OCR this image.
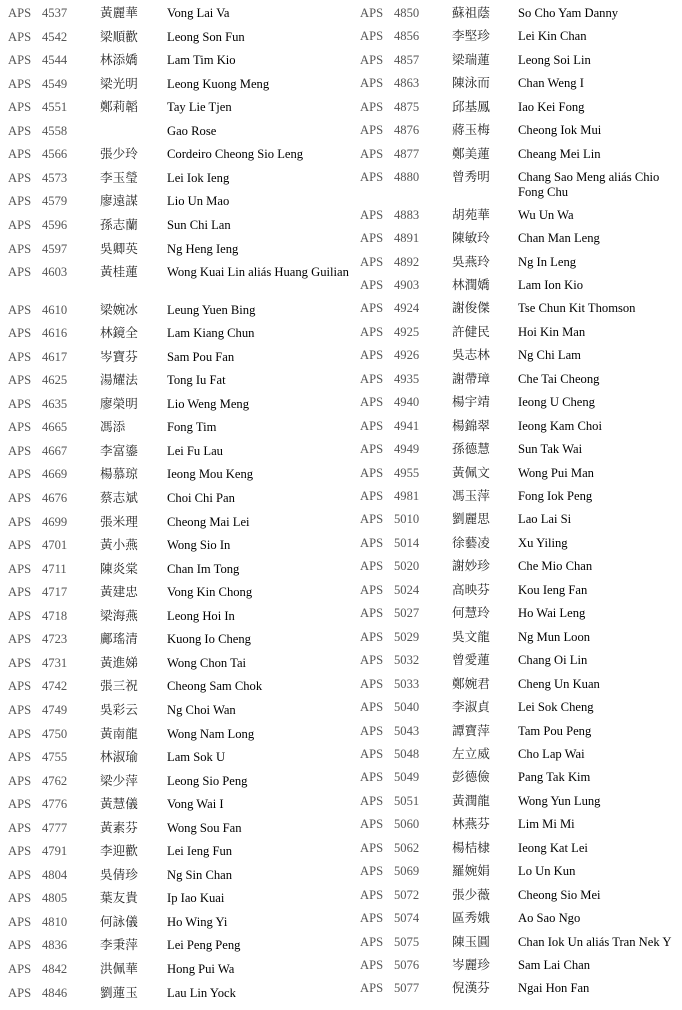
APS 4537	黃麗華 Vong Lai Va
APS 4542	梁順歡 Leong Son Fun
APS 4544	林添嬌 Lam Tim Kio
APS 4549	梁光明 Leong Kuong Meng
APS 4551	鄭莉韜 Tay Lie Tjen
APS 4558	Gao Rose
APS 4566	張少玲 Cordeiro Cheong Sio Leng
APS 4573	李玉瑩 Lei Iok Ieng
APS 4579	廖遠謀 Lio Un Mao
APS 4596	孫志蘭 Sun Chi Lan
APS 4597	吳卿英 Ng Heng Ieng
APS 4603	黃桂蓮 Wong Kuai Lin aliás Huang Guilian
APS 4610	梁婉冰 Leung Yuen Bing
APS 4616	林鏡全 Lam Kiang Chun
APS 4617	岑寶芬 Sam Pou Fan
APS 4625	湯耀法 Tong Iu Fat
APS 4635	廖榮明 Lio Weng Meng
APS 4665	馮添	Fong Tim
APS 4667	李富鎏 Lei Fu Lau
APS 4669	楊慕琼 Ieong Mou Keng
APS 4676	蔡志斌 Choi Chi Pan
APS 4699	張米理 Cheong Mai Lei
APS 4701	黃小燕 Wong Sio In
APS 4711	陳炎棠 Chan Im Tong
APS 4717	黃建忠 Vong Kin Chong
APS 4718	梁海燕 Leong Hoi In
APS 4723	鄺瑤清 Kuong Io Cheng
APS 4731	黃進娣 Wong Chon Tai
APS 4742	張三祝 Cheong Sam Chok
APS 4749	吳彩云 Ng Choi Wan
APS 4750	黃南龍 Wong Nam Long
APS 4755	林淑瑜 Lam Sok U
APS 4762	梁少萍 Leong Sio Peng
APS 4776	黃慧儀 Vong Wai I
APS 4777	黃素芬 Wong Sou Fan
APS 4791	李迎歡 Lei Ieng Fun
APS 4804	吳倩珍 Ng Sin Chan
APS 4805	葉友貴 Ip Iao Kuai
APS 4810	何詠儀 Ho Wing Yi
APS 4836	李秉萍 Lei Peng Peng
APS 4842	洪佩華 Hong Pui Wa
APS 4846	劉蓮玉 Lau Lin Yock
APS 4850	蘇祖蔭 So Cho Yam Danny
APS 4856	李堅珍 Lei Kin Chan
APS 4857	梁瑞蓮 Leong Soi Lin
APS 4863	陳泳而 Chan Weng I
APS 4875	邱基鳳 Iao Kei Fong
APS 4876	蔣玉梅 Cheong Iok Mui
APS 4877	鄭美蓮 Cheang Mei Lin
APS 4880	曾秀明 Chang Sao Meng aliás Chio Fong Chu
APS 4883	胡苑華 Wu Un Wa
APS 4891	陳敏玲 Chan Man Leng
APS 4892	吳燕玲 Ng In Leng
APS 4903	林潤嬌 Lam Ion Kio
APS 4924	謝俊傑 Tse Chun Kit Thomson
APS 4925	許健民 Hoi Kin Man
APS 4926	吳志林 Ng Chi Lam
APS 4935	謝帶璋 Che Tai Cheong
APS 4940	楊宇靖 Ieong U Cheng
APS 4941	楊錦翠 Ieong Kam Choi
APS 4949	孫德慧 Sun Tak Wai
APS 4955	黃佩文 Wong Pui Man
APS 4981	馮玉萍 Fong Iok Peng
APS 5010	劉麗思 Lao Lai Si
APS 5014	徐藝凌 Xu Yiling
APS 5020	謝妙珍 Che Mio Chan
APS 5024	高映芬 Kou Ieng Fan
APS 5027	何慧玲 Ho Wai Leng
APS 5029	吳文龍 Ng Mun Loon
APS 5032	曾愛蓮 Chang Oi Lin
APS 5033	鄭婉君 Cheng Un Kuan
APS 5040	李淑貞 Lei Sok Cheng
APS 5043	譚寶萍 Tam Pou Peng
APS 5048	左立威 Cho Lap Wai
APS 5049	彭德儉 Pang Tak Kim
APS 5051	黃潤龍 Wong Yun Lung
APS 5060	林燕芬 Lim Mi Mi
APS 5062	楊桔棣 Ieong Kat Lei
APS 5069	羅婉娟 Lo Un Kun
APS 5072	張少薇 Cheong Sio Mei
APS 5074	區秀娥 Ao Sao Ngo
APS 5075	陳玉圓 Chan Iok Un aliás Tran Nek Y
APS 5076	岑麗珍 Sam Lai Chan
APS 5077	倪漢芬 Ngai Hon Fan
